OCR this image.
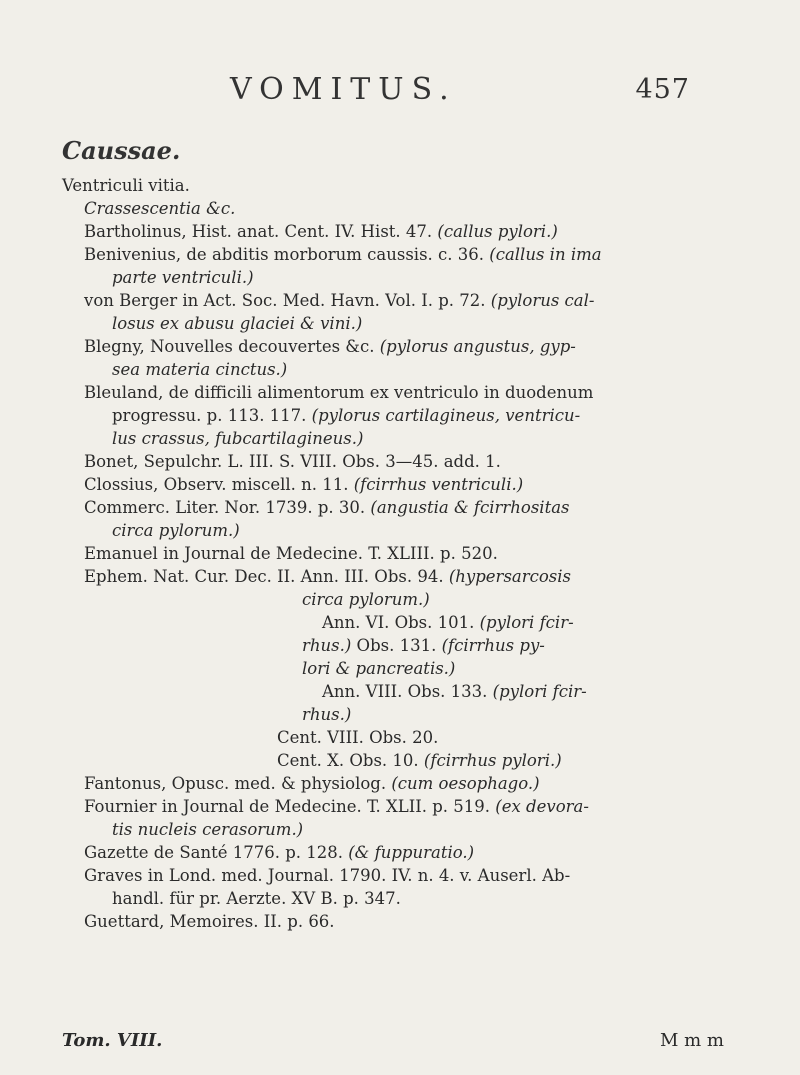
VOMITUS.	457
Caussae.
Ventriculi vitia.
Crassescentia &c.
Bartholinus, Hist. anat. Cent. IV. Hist. 47. (callus pylori.)
Benivenius, de abditis morborum caussis. c. 36. (callus in ima
parte ventriculi.)
von Berger in Act. Soc. Med. Havn. Vol. I. p. 72. (pylorus cal-
losus ex abusu glaciei & vini.)
Blegny, Nouvelles decouvertes &c. (pylorus angustus, gyp-
sea materia cinctus.)
Bleuland, de difficili alimentorum ex ventriculo in duodenum
progressu. p. 113. 117. (pylorus cartilagineus, ventricu-
lus crassus, fubcartilagineus.)
Bonet, Sepulchr. L. III. S. VIII. Obs. 3—45. add. 1.
Clossius, Observ. miscell. n. 11. (fcirrhus ventriculi.)
Commerc. Liter. Nor. 1739. p. 30. (angustia & fcirrhositas
circa pylorum.)
Emanuel in Journal de Medecine. T. XLIII. p. 520.
Ephem. Nat. Cur. Dec. II. Ann. III. Obs. 94. (hypersarcosis
circa pylorum.)
Ann. VI. Obs. 101. (pylori fcir-
rhus.) Obs. 131. (fcirrhus py-
lori & pancreatis.)
Ann. VIII. Obs. 133. (pylori fcir-
rhus.)
Cent. VIII. Obs. 20.
Cent. X. Obs. 10. (fcirrhus pylori.)
Fantonus, Opusc. med. & physiolog. (cum oesophago.)
Fournier in Journal de Medecine. T. XLII. p. 519. (ex devora-
tis nucleis cerasorum.)
Gazette de Santé 1776. p. 128. (& fuppuratio.)
Graves in Lond. med. Journal. 1790. IV. n. 4. v. Auserl. Ab-
handl. für pr. Aerzte. XV B. p. 347.
Guettard, Memoires. II. p. 66.
Tom. VIII.	M m m
